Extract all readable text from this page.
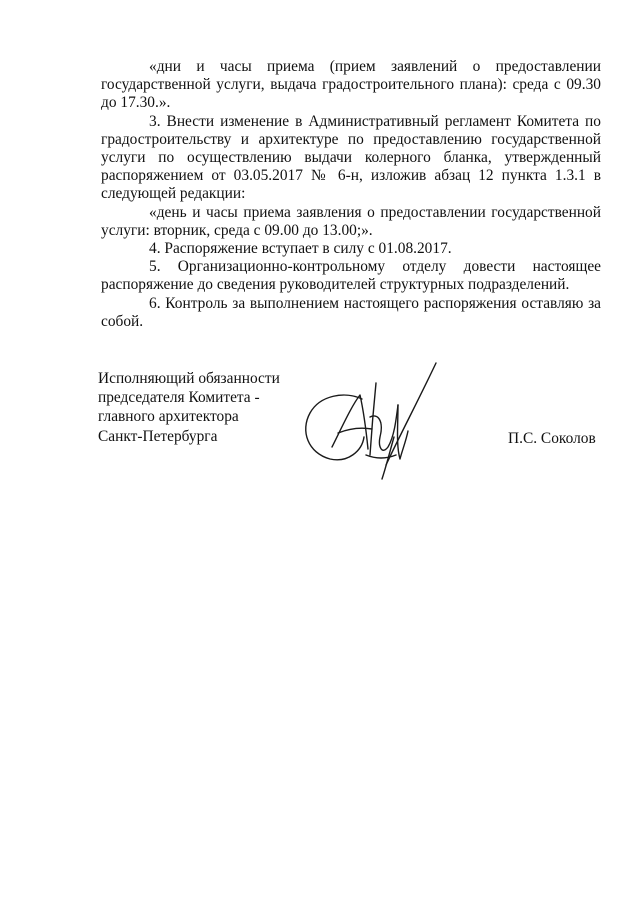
«дни и часы приема (прием заявлений о предоставлении государственной услуги, выдача градостроительного плана): среда с 09.30 до 17.30.».

3. Внести изменение в Административный регламент Комитета по градостроительству и архитектуре по предоставлению государственной услуги по осуществлению выдачи колерного бланка, утвержденный распоряжением от 03.05.2017 № 6-н, изложив абзац 12 пункта 1.3.1 в следующей редакции:

«день и часы приема заявления о предоставлении государственной услуги: вторник, среда с 09.00 до 13.00;».

4. Распоряжение вступает в силу с 01.08.2017.

5. Организационно-контрольному отделу довести настоящее распоряжение до сведения руководителей структурных подразделений.

6. Контроль за выполнением настоящего распоряжения оставляю за собой.

Исполняющий обязанности
председателя Комитета -
главного архитектора
Санкт-Петербурга	П.С. Соколов
